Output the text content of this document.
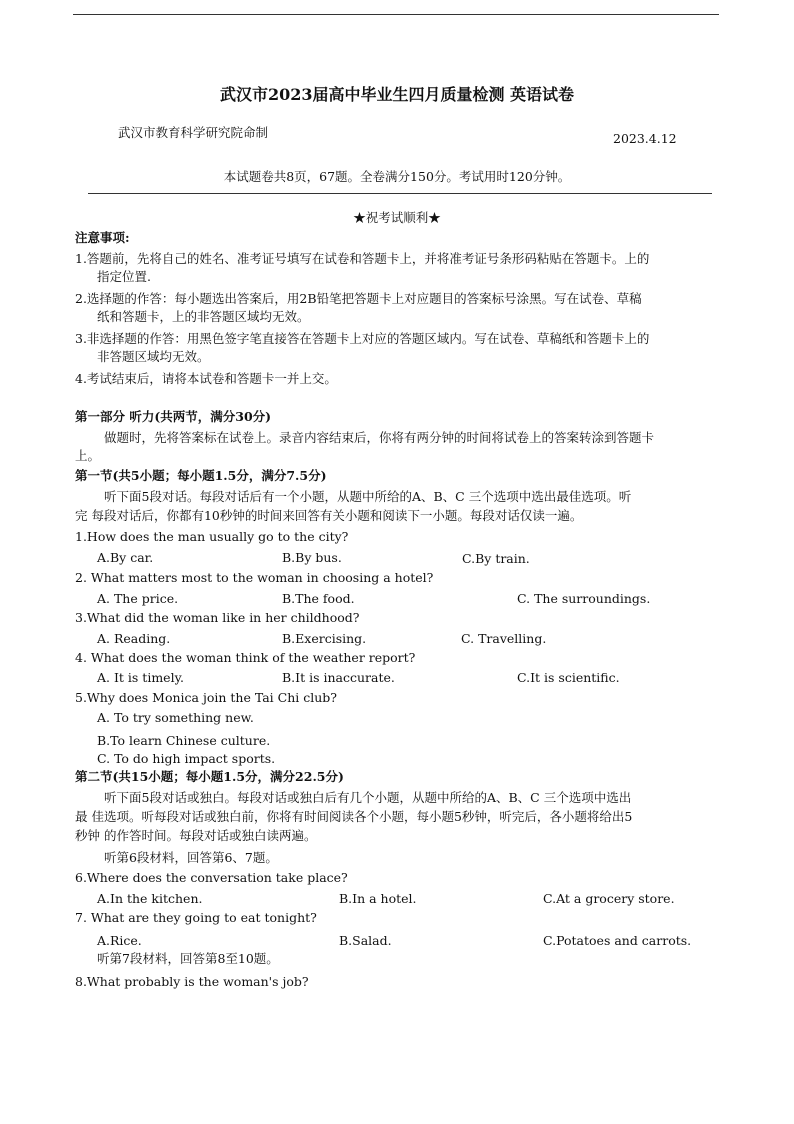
武汉市2023届高中毕业生四月质量检测 英语试卷
武汉市教育科学研究院命制	2023.4.12
本试题卷共8页，67题。全卷满分150分。考试用时120分钟。
★祝考试顺利★
注意事项:
1.答题前，先将自己的姓名、准考证号填写在试卷和答题卡上，并将准考证号条形码粘贴在答题卡。上的
指定位置.
2.选择题的作答：每小题选出答案后，用2B铅笔把答题卡上对应题目的答案标号涂黑。写在试卷、草稿
纸和答题卡，上的非答题区域均无效。
3.非选择题的作答：用黑色签字笔直接答在答题卡上对应的答题区域内。写在试卷、草稿纸和答题卡上的
非答题区域均无效。
4.考试结束后，请将本试卷和答题卡一并上交。
第一部分 听力(共两节，满分30分)
做题时，先将答案标在试卷上。录音内容结束后，你将有两分钟的时间将试卷上的答案转涂到答题卡
上。
第一节(共5小题；每小题1.5分，满分7.5分)
听下面5段对话。每段对话后有一个小题，从题中所给的A、B、C 三个选项中选出最佳选项。听
完 每段对话后，你都有10秒钟的时间来回答有关小题和阅读下一小题。每段对话仅读一遍。
1.How does the man usually go to the city?
A.By car.	B.By bus.	C.By train.
2. What matters most to the woman in choosing a hotel?
A. The price.	B.The food.	C. The surroundings.
3.What did the woman like in her childhood?
A. Reading.	B.Exercising.	C. Travelling.
4. What does the woman think of the weather report?
A. It is timely.	B.It is inaccurate.	C.It is scientific.
5.Why does Monica join the Tai Chi club?
A. To try something new.
B.To learn Chinese culture.
C. To do high impact sports.
第二节(共15小题；每小题1.5分，满分22.5分)
听下面5段对话或独白。每段对话或独白后有几个小题，从题中所给的A、B、C 三个选项中选出
最 佳选项。听每段对话或独白前，你将有时间阅读各个小题，每小题5秒钟，听完后，各小题将给出5
秒钟 的作答时间。每段对话或独白读两遍。
听第6段材料，回答第6、7题。
6.Where does the conversation take place?
A.In the kitchen.	B.In a hotel.	C.At a grocery store.
7. What are they going to eat tonight?
A.Rice.	B.Salad.	C.Potatoes and carrots.
听第7段材料，回答第8至10题。
8.What probably is the woman's job?
